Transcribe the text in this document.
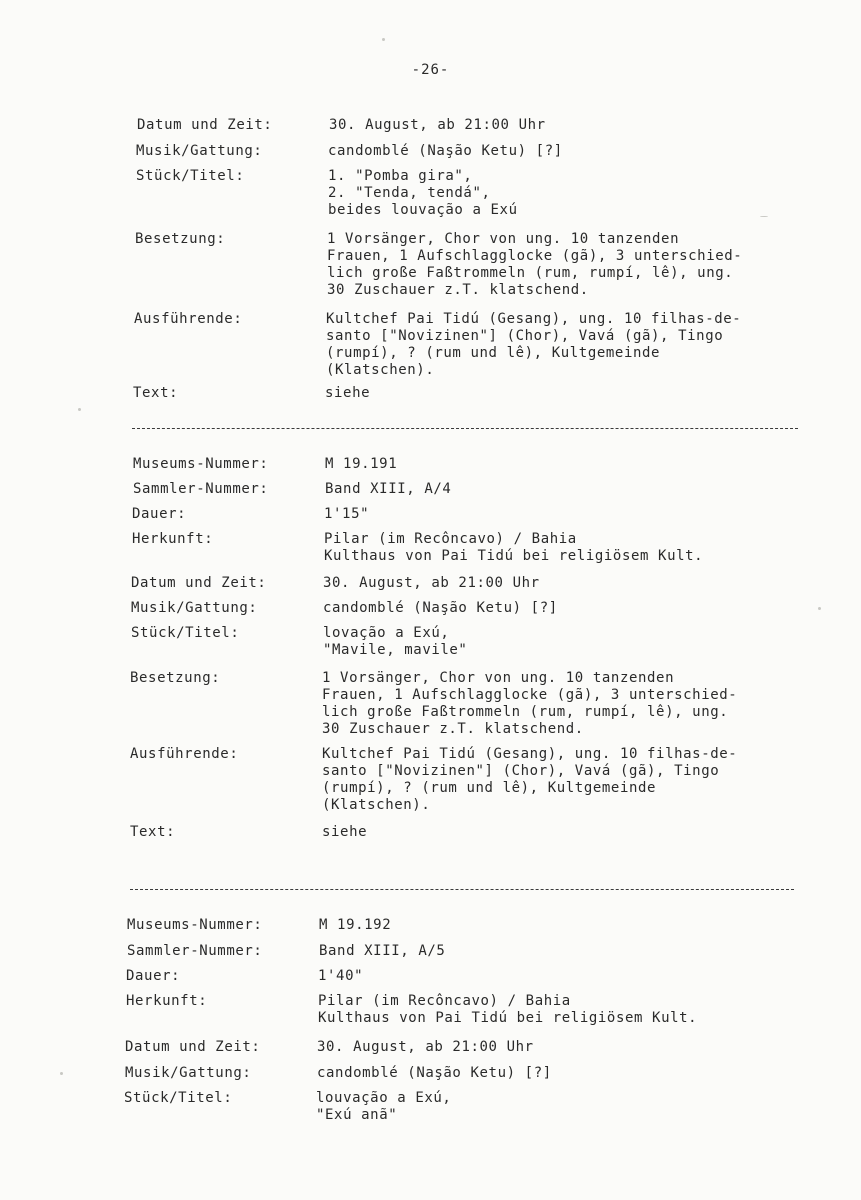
-26-
Datum und Zeit:	30. August, ab 21:00 Uhr
Musik/Gattung:	candomblé (Naşão Ketu) [?]
Stück/Titel:	1. "Pomba gira",
2. "Tenda, tendá",
beides louvação a Exú
Besetzung:	1 Vorsänger, Chor von ung. 10 tanzenden
Frauen, 1 Aufschlagglocke (gã), 3 unterschied-
lich große Faßtrommeln (rum, rumpí, lê), ung.
30 Zuschauer z.T. klatschend.
Ausführende:	Kultchef Pai Tidú (Gesang), ung. 10 filhas-de-
santo ["Novizinen"] (Chor), Vavá (gã), Tingo
(rumpí), ? (rum und lê), Kultgemeinde
(Klatschen).
Text:	siehe
Museums-Nummer:	M 19.191
Sammler-Nummer:	Band XIII, A/4
Dauer:	1'15"
Herkunft:	Pilar (im Recôncavo) / Bahia
Kulthaus von Pai Tidú bei religiösem Kult.
Datum und Zeit:	30. August, ab 21:00 Uhr
Musik/Gattung:	candomblé (Naşão Ketu) [?]
Stück/Titel:	lovação a Exú,
"Mavile, mavile"
Besetzung:	1 Vorsänger, Chor von ung. 10 tanzenden
Frauen, 1 Aufschlagglocke (gã), 3 unterschied-
lich große Faßtrommeln (rum, rumpí, lê), ung.
30 Zuschauer z.T. klatschend.
Ausführende:	Kultchef Pai Tidú (Gesang), ung. 10 filhas-de-
santo ["Novizinen"] (Chor), Vavá (gã), Tingo
(rumpí), ? (rum und lê), Kultgemeinde
(Klatschen).
Text:	siehe
Museums-Nummer:	M 19.192
Sammler-Nummer:	Band XIII, A/5
Dauer:	1'40"
Herkunft:	Pilar (im Recôncavo) / Bahia
Kulthaus von Pai Tidú bei religiösem Kult.
Datum und Zeit:	30. August, ab 21:00 Uhr
Musik/Gattung:	candomblé (Naşão Ketu) [?]
Stück/Titel:	louvação a Exú,
"Exú anã"
